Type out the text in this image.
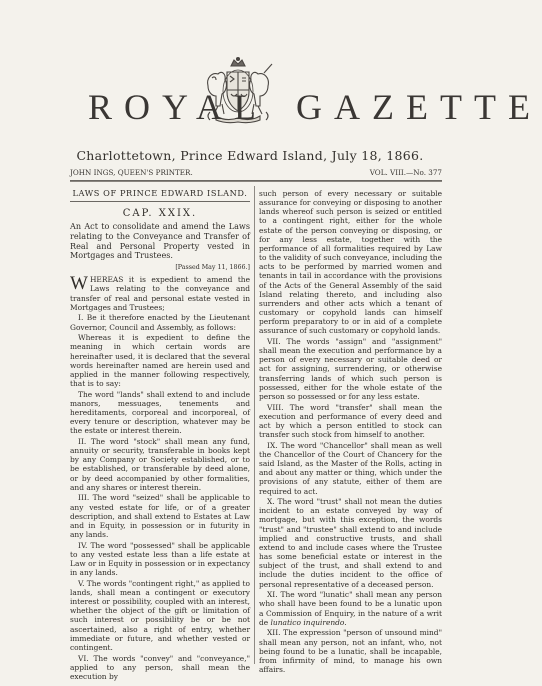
ROYAL GAZETTE
Charlottetown, Prince Edward Island, July 18, 1866.
JOHN INGS, QUEEN'S PRINTER.	VOL. VIII.—No. 377
LAWS OF PRINCE EDWARD ISLAND.
CAP. XXIX.

An Act to consolidate and amend the Laws relating to the Conveyance and Transfer of Real and Personal Property vested in Mortgages and Trustees.

[Passed May 11, 1866.]

WHEREAS it is expedient to amend the Laws relating to the conveyance and transfer of real and personal estate vested in Mortgages and Trustees;

I. Be it therefore enacted by the Lieutenant Governor, Council and Assembly, as follows:

Whereas it is expedient to define the meaning in which certain words are hereinafter used, it is declared that the several words hereinafter named are herein used and applied in the manner following respectively, that is to say:

The word "lands" shall extend to and include manors, messuages, tenements and hereditaments, corporeal and incorporeal, of every tenure or description, whatever may be the estate or interest therein.

II. The word "stock" shall mean any fund, annuity or security, transferable in books kept by any Company or Society established, or to be established, or transferable by deed alone, or by deed accompanied by other formalities, and any shares or interest therein.

III. The word "seized" shall be applicable to any vested estate for life, or of a greater description, and shall extend to Estates at Law and in Equity, in possession or in futurity in any lands.

IV. The word "possessed" shall be applicable to any vested estate less than a life estate at Law or in Equity in possession or in expectancy in any lands.

V. The words "contingent right," as applied to lands, shall mean a contingent or executory interest or possibility, coupled with an interest, whether the object of the gift or limitation of such interest or possibility be or be not ascertained, also a right of entry, whether immediate or future, and whether vested or contingent.

VI. The words "convey" and "conveyance," applied to any person, shall mean the execution by

such person of every necessary or suitable assurance for conveying or disposing to another lands whereof such person is seized or entitled to a contingent right, either for the whole estate of the person conveying or disposing, or for any less estate, together with the performance of all formalities required by Law to the validity of such conveyance, including the acts to be performed by married women and tenants in tail in accordance with the provisions of the Acts of the General Assembly of the said Island relating thereto, and including also surrenders and other acts which a tenant of customary or copyhold lands can himself perform preparatory to or in aid of a complete assurance of such customary or copyhold lands.

VII. The words "assign" and "assignment" shall mean the execution and performance by a person of every necessary or suitable deed or act for assigning, surrendering, or otherwise transferring lands of which such person is possessed, either for the whole estate of the person so possessed or for any less estate.

VIII. The word "transfer" shall mean the execution and performance of every deed and act by which a person entitled to stock can transfer such stock from himself to another.

IX. The word "Chancellor" shall mean as well the Chancellor of the Court of Chancery for the said Island, as the Master of the Rolls, acting in and about any matter or thing, which under the provisions of any statute, either of them are required to act.

X. The word "trust" shall not mean the duties incident to an estate conveyed by way of mortgage, but with this exception, the words "trust" and "trustee" shall extend to and include implied and constructive trusts, and shall extend to and include cases where the Trustee has some beneficial estate or interest in the subject of the trust, and shall extend to and include the duties incident to the office of personal representative of a deceased person.

XI. The word "lunatic" shall mean any person who shall have been found to be a lunatic upon a Commission of Enquiry, in the nature of a writ de lunatico inquirendo.

XII. The expression "person of unsound mind" shall mean any person, not an infant, who, not being found to be a lunatic, shall be incapable, from infirmity of mind, to manage his own affairs.
